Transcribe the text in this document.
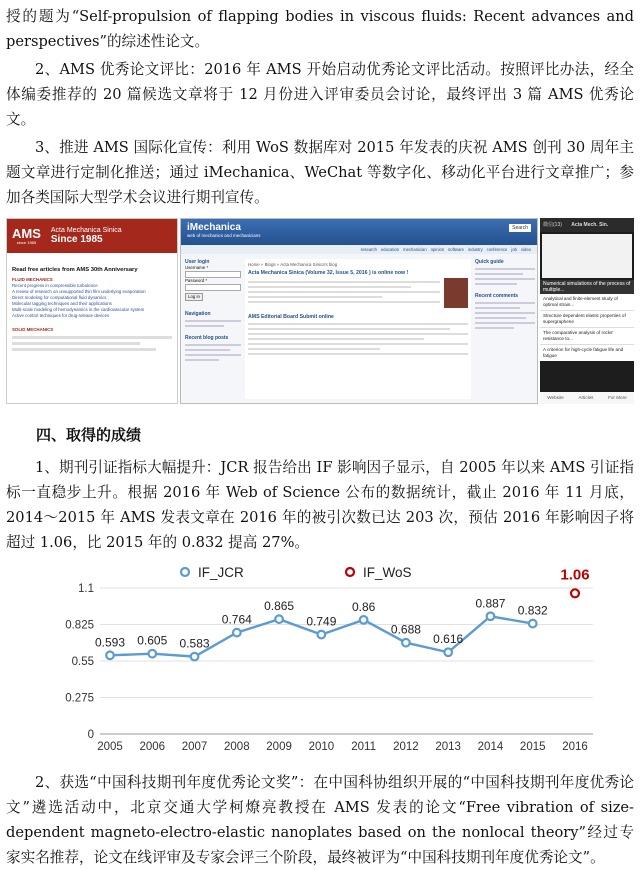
授的题为“Self-propulsion of flapping bodies in viscous fluids: Recent advances and perspectives”的综述性论文。

2、AMS 优秀论文评比：2016 年 AMS 开始启动优秀论文评比活动。按照评比办法，经全体编委推荐的 20 篇候选文章将于 12 月份进入评审委员会讨论，最终评出 3 篇 AMS 优秀论文。

3、推进 AMS 国际化宣传：利用 WoS 数据库对 2015 年发表的庆祝 AMS 创刊 30 周年主题文章进行定制化推送；通过 iMechanica、WeChat 等数字化、移动化平台进行文章推广；参加各类国际大型学术会议进行期刊宣传。

AMS
since 1985
Acta Mechanica Sinica
Since 1985
Read free articles from AMS 30th Anniversary
FLUID MECHANICS
Recent progress in compressible turbulence
A review of research on unsupported thin film underlying evaporation
Direct modeling for computational fluid dynamics
Molecular tagging techniques and their applications
Multi-scale modeling of hemodynamics in the cardiovascular system
Active control techniques for drug-release devices
SOLID MECHANICS
iMechanica
web of mechanics and mechanicians
Search
research education mechanician opinion software industry conference job video
User login
Username *
Password *
Log in
Navigation
Recent blog posts
Home » Blogs » Acta Mechanica Sinica's blog
Acta Mechanica Sinica (Volume 32, Issue 5, 2016 ) is online now !
AMS Editorial Board Submit online
Quick guide
Recent comments
微信(13) Acta Mech. Sin.
Numerical simulations of the process of multiple...
Analytical and finite-element study of optimal strain...
Structure dependent elastic properties of supergraphene
The comparative analysis of rocks' resistance to...
A criterion for high-cycle fatigue life and fatigue
Website	Articles	For More

四、取得的成绩

1、期刊引证指标大幅提升：JCR 报告给出 IF 影响因子显示，自 2005 年以来 AMS 引证指标一直稳步上升。根据 2016 年 Web of Science 公布的数据统计，截止 2016 年 11 月底，2014～2015 年 AMS 发表文章在 2016 年的被引次数已达 203 次，预估 2016 年影响因子将超过 1.06，比 2015 年的 0.832 提高 27%。

0
0.275
0.55
0.825
1.1
2005 2006 2007 2008 2009 2010 2011 2012 2013 2014 2015 2016
0.593 0.605 0.583
0.764
0.865
0.749
0.86
0.688
0.616
0.887
0.832
1.06
IF_JCR	IF_WoS

2、获选“中国科技期刊年度优秀论文奖”：在中国科协组织开展的“中国科技期刊年度优秀论文”遴选活动中，北京交通大学柯燎亮教授在 AMS 发表的论文“Free vibration of size-dependent magneto-electro-elastic nanoplates based on the nonlocal theory”经过专家实名推荐，论文在线评审及专家会评三个阶段，最终被评为“中国科技期刊年度优秀论文”。
